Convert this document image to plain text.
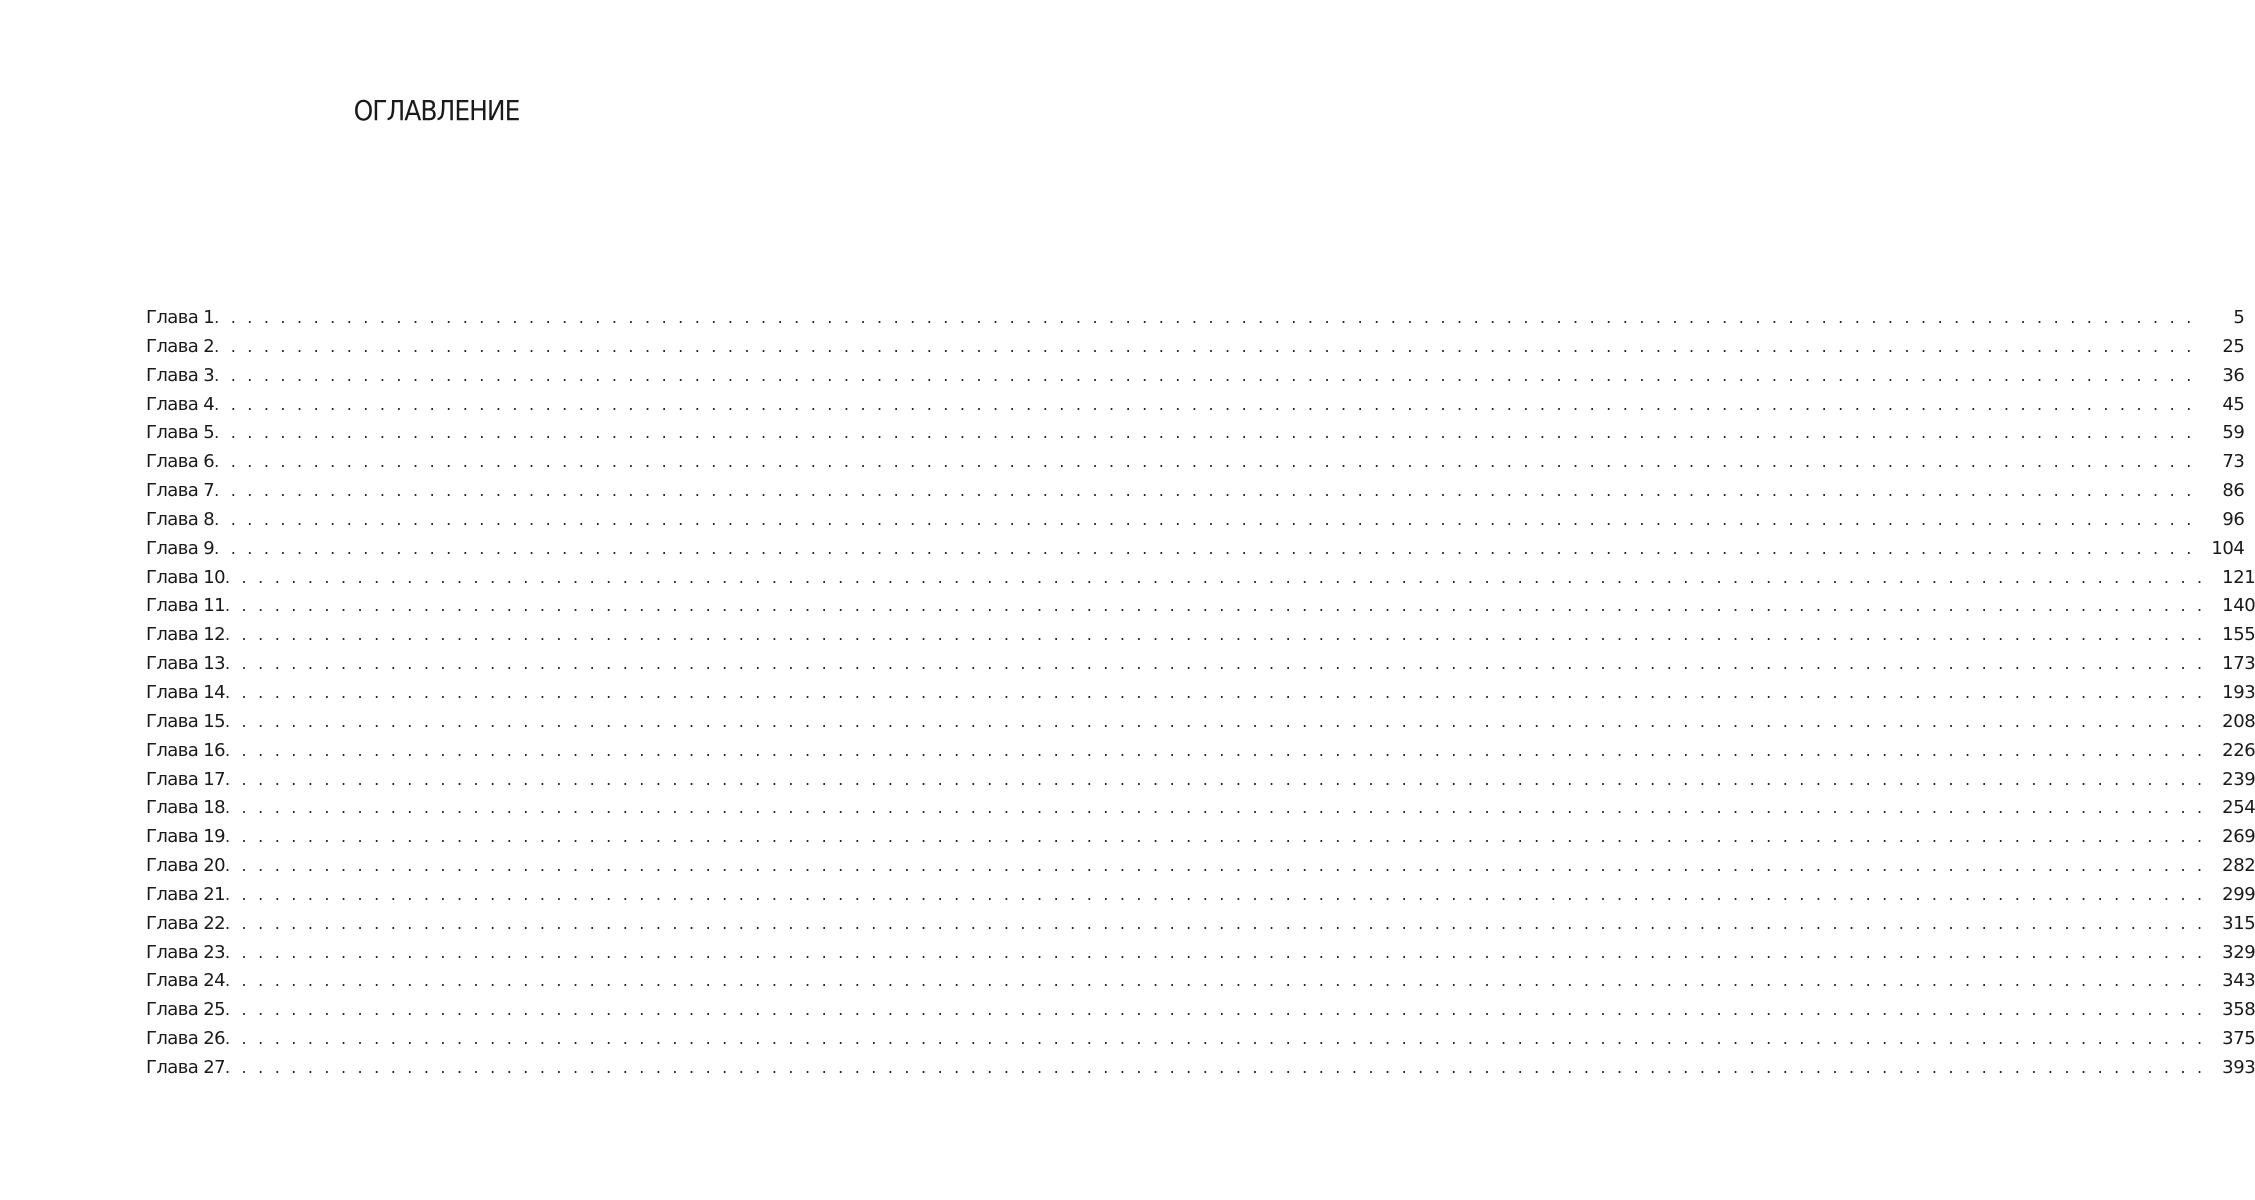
ОГЛАВЛЕНИЕ
Глава 1 . . . . . . . . . . . . . . . . . . . . . . . . . . . . . . . . . . . . . . . . . . . . . . . . . . . . . . . . . . . . . . . . . . . . . . . . . . . . . . . . . . . . . . . . . . . . . . . . . . . . . . . . . . . . . . . . . . . . . . . .	5
Глава 2 . . . . . . . . . . . . . . . . . . . . . . . . . . . . . . . . . . . . . . . . . . . . . . . . . . . . . . . . . . . . . . . . . . . . . . . . . . . . . . . . . . . . . . . . . . . . . . . . . . . . . . . . . . . . . . . . . . . . . . . .	25
Глава 3 . . . . . . . . . . . . . . . . . . . . . . . . . . . . . . . . . . . . . . . . . . . . . . . . . . . . . . . . . . . . . . . . . . . . . . . . . . . . . . . . . . . . . . . . . . . . . . . . . . . . . . . . . . . . . . . . . . . . . . . .	36
Глава 4 . . . . . . . . . . . . . . . . . . . . . . . . . . . . . . . . . . . . . . . . . . . . . . . . . . . . . . . . . . . . . . . . . . . . . . . . . . . . . . . . . . . . . . . . . . . . . . . . . . . . . . . . . . . . . . . . . . . . . . . .	45
Глава 5 . . . . . . . . . . . . . . . . . . . . . . . . . . . . . . . . . . . . . . . . . . . . . . . . . . . . . . . . . . . . . . . . . . . . . . . . . . . . . . . . . . . . . . . . . . . . . . . . . . . . . . . . . . . . . . . . . . . . . . . .	59
Глава 6 . . . . . . . . . . . . . . . . . . . . . . . . . . . . . . . . . . . . . . . . . . . . . . . . . . . . . . . . . . . . . . . . . . . . . . . . . . . . . . . . . . . . . . . . . . . . . . . . . . . . . . . . . . . . . . . . . . . . . . . .	73
Глава 7 . . . . . . . . . . . . . . . . . . . . . . . . . . . . . . . . . . . . . . . . . . . . . . . . . . . . . . . . . . . . . . . . . . . . . . . . . . . . . . . . . . . . . . . . . . . . . . . . . . . . . . . . . . . . . . . . . . . . . . . .	86
Глава 8 . . . . . . . . . . . . . . . . . . . . . . . . . . . . . . . . . . . . . . . . . . . . . . . . . . . . . . . . . . . . . . . . . . . . . . . . . . . . . . . . . . . . . . . . . . . . . . . . . . . . . . . . . . . . . . . . . . . . . . . .	96
Глава 9 . . . . . . . . . . . . . . . . . . . . . . . . . . . . . . . . . . . . . . . . . . . . . . . . . . . . . . . . . . . . . . . . . . . . . . . . . . . . . . . . . . . . . . . . . . . . . . . . . . . . . . . . . . . . . . . . . . . . . . . . 104
Глава 10 . . . . . . . . . . . . . . . . . . . . . . . . . . . . . . . . . . . . . . . . . . . . . . . . . . . . . . . . . . . . . . . . . . . . . . . . . . . . . . . . . . . . . . . . . . . . . . . . . . . . . . . . . . . . . . . . . . . . . . . . 121
Глава 11 . . . . . . . . . . . . . . . . . . . . . . . . . . . . . . . . . . . . . . . . . . . . . . . . . . . . . . . . . . . . . . . . . . . . . . . . . . . . . . . . . . . . . . . . . . . . . . . . . . . . . . . . . . . . . . . . . . . . . . . . 140
Глава 12 . . . . . . . . . . . . . . . . . . . . . . . . . . . . . . . . . . . . . . . . . . . . . . . . . . . . . . . . . . . . . . . . . . . . . . . . . . . . . . . . . . . . . . . . . . . . . . . . . . . . . . . . . . . . . . . . . . . . . . . . 155
Глава 13 . . . . . . . . . . . . . . . . . . . . . . . . . . . . . . . . . . . . . . . . . . . . . . . . . . . . . . . . . . . . . . . . . . . . . . . . . . . . . . . . . . . . . . . . . . . . . . . . . . . . . . . . . . . . . . . . . . . . . . . . 173
Глава 14 . . . . . . . . . . . . . . . . . . . . . . . . . . . . . . . . . . . . . . . . . . . . . . . . . . . . . . . . . . . . . . . . . . . . . . . . . . . . . . . . . . . . . . . . . . . . . . . . . . . . . . . . . . . . . . . . . . . . . . . . 193
Глава 15 . . . . . . . . . . . . . . . . . . . . . . . . . . . . . . . . . . . . . . . . . . . . . . . . . . . . . . . . . . . . . . . . . . . . . . . . . . . . . . . . . . . . . . . . . . . . . . . . . . . . . . . . . . . . . . . . . . . . . . . . 208
Глава 16 . . . . . . . . . . . . . . . . . . . . . . . . . . . . . . . . . . . . . . . . . . . . . . . . . . . . . . . . . . . . . . . . . . . . . . . . . . . . . . . . . . . . . . . . . . . . . . . . . . . . . . . . . . . . . . . . . . . . . . . . 226
Глава 17 . . . . . . . . . . . . . . . . . . . . . . . . . . . . . . . . . . . . . . . . . . . . . . . . . . . . . . . . . . . . . . . . . . . . . . . . . . . . . . . . . . . . . . . . . . . . . . . . . . . . . . . . . . . . . . . . . . . . . . . . 239
Глава 18 . . . . . . . . . . . . . . . . . . . . . . . . . . . . . . . . . . . . . . . . . . . . . . . . . . . . . . . . . . . . . . . . . . . . . . . . . . . . . . . . . . . . . . . . . . . . . . . . . . . . . . . . . . . . . . . . . . . . . . . . 254
Глава 19 . . . . . . . . . . . . . . . . . . . . . . . . . . . . . . . . . . . . . . . . . . . . . . . . . . . . . . . . . . . . . . . . . . . . . . . . . . . . . . . . . . . . . . . . . . . . . . . . . . . . . . . . . . . . . . . . . . . . . . . . 269
Глава 20 . . . . . . . . . . . . . . . . . . . . . . . . . . . . . . . . . . . . . . . . . . . . . . . . . . . . . . . . . . . . . . . . . . . . . . . . . . . . . . . . . . . . . . . . . . . . . . . . . . . . . . . . . . . . . . . . . . . . . . . . 282
Глава 21 . . . . . . . . . . . . . . . . . . . . . . . . . . . . . . . . . . . . . . . . . . . . . . . . . . . . . . . . . . . . . . . . . . . . . . . . . . . . . . . . . . . . . . . . . . . . . . . . . . . . . . . . . . . . . . . . . . . . . . . . 299
Глава 22 . . . . . . . . . . . . . . . . . . . . . . . . . . . . . . . . . . . . . . . . . . . . . . . . . . . . . . . . . . . . . . . . . . . . . . . . . . . . . . . . . . . . . . . . . . . . . . . . . . . . . . . . . . . . . . . . . . . . . . . . 315
Глава 23 . . . . . . . . . . . . . . . . . . . . . . . . . . . . . . . . . . . . . . . . . . . . . . . . . . . . . . . . . . . . . . . . . . . . . . . . . . . . . . . . . . . . . . . . . . . . . . . . . . . . . . . . . . . . . . . . . . . . . . . . 329
Глава 24 . . . . . . . . . . . . . . . . . . . . . . . . . . . . . . . . . . . . . . . . . . . . . . . . . . . . . . . . . . . . . . . . . . . . . . . . . . . . . . . . . . . . . . . . . . . . . . . . . . . . . . . . . . . . . . . . . . . . . . . . 343
Глава 25 . . . . . . . . . . . . . . . . . . . . . . . . . . . . . . . . . . . . . . . . . . . . . . . . . . . . . . . . . . . . . . . . . . . . . . . . . . . . . . . . . . . . . . . . . . . . . . . . . . . . . . . . . . . . . . . . . . . . . . . . 358
Глава 26 . . . . . . . . . . . . . . . . . . . . . . . . . . . . . . . . . . . . . . . . . . . . . . . . . . . . . . . . . . . . . . . . . . . . . . . . . . . . . . . . . . . . . . . . . . . . . . . . . . . . . . . . . . . . . . . . . . . . . . . . 375
Глава 27 . . . . . . . . . . . . . . . . . . . . . . . . . . . . . . . . . . . . . . . . . . . . . . . . . . . . . . . . . . . . . . . . . . . . . . . . . . . . . . . . . . . . . . . . . . . . . . . . . . . . . . . . . . . . . . . . . . . . . . . . 393
